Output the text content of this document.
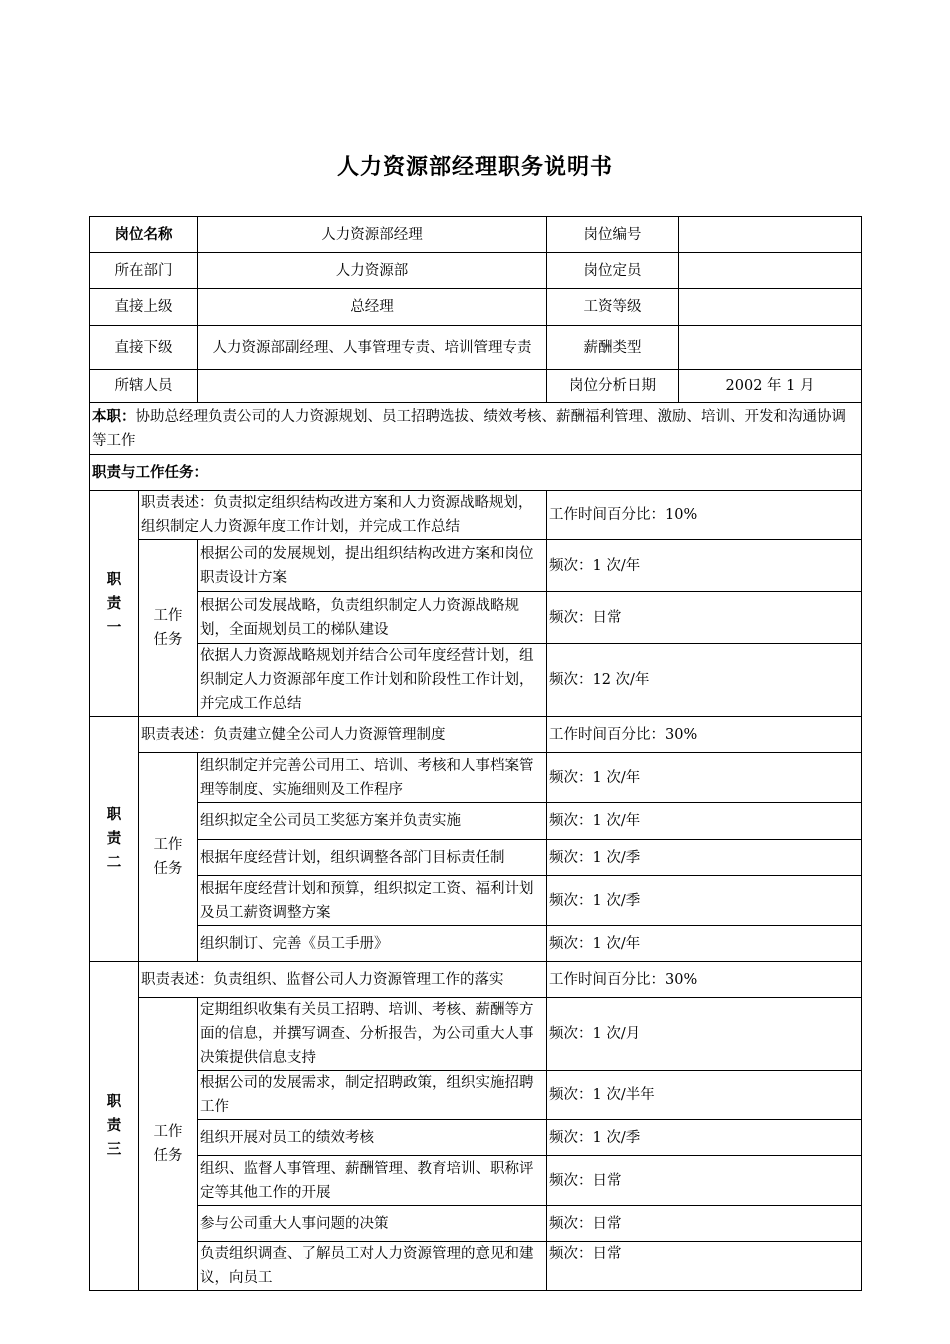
人力资源部经理职务说明书
岗位名称		人力资源部经理	岗位编号	
所在部门		人力资源部	岗位定员	
直接上级		总经理	工资等级	
直接下级		人力资源部副经理、人事管理专责、培训管理专责	薪酬类型	
所辖人员			岗位分析日期	2002 年 1 月
本职：协助总经理负责公司的人力资源规划、员工招聘选拔、绩效考核、薪酬福利管理、激励、培训、开发和沟通协调等工作				
职责与工作任务：				
职
责
一	职责表述：负责拟定组织结构改进方案和人力资源战略规划，组织制定人力资源年度工作计划，并完成工作总结		工作时间百分比：10%	
	工作
任务	根据公司的发展规划，提出组织结构改进方案和岗位职责设计方案	频次：1 次/年	
		根据公司发展战略，负责组织制定人力资源战略规划，全面规划员工的梯队建设	频次：日常	
		依据人力资源战略规划并结合公司年度经营计划，组织制定人力资源部年度工作计划和阶段性工作计划，并完成工作总结	频次：12 次/年	
职
责
二	职责表述：负责建立健全公司人力资源管理制度		工作时间百分比：30%	
	工作
任务	组织制定并完善公司用工、培训、考核和人事档案管理等制度、实施细则及工作程序	频次：1 次/年	
		组织拟定全公司员工奖惩方案并负责实施	频次：1 次/年	
		根据年度经营计划，组织调整各部门目标责任制	频次：1 次/季	
		根据年度经营计划和预算，组织拟定工资、福利计划及员工薪资调整方案	频次：1 次/季	
		组织制订、完善《员工手册》	频次：1 次/年	
职
责
三	职责表述：负责组织、监督公司人力资源管理工作的落实		工作时间百分比：30%	
	工作
任务	定期组织收集有关员工招聘、培训、考核、薪酬等方面的信息，并撰写调查、分析报告，为公司重大人事决策提供信息支持	频次：1 次/月	
		根据公司的发展需求，制定招聘政策，组织实施招聘工作	频次：1 次/半年	
		组织开展对员工的绩效考核	频次：1 次/季	
		组织、监督人事管理、薪酬管理、教育培训、职称评定等其他工作的开展	频次：日常	
		参与公司重大人事问题的决策	频次：日常	
		负责组织调查、了解员工对人力资源管理的意见和建议，向员工	频次：日常	
